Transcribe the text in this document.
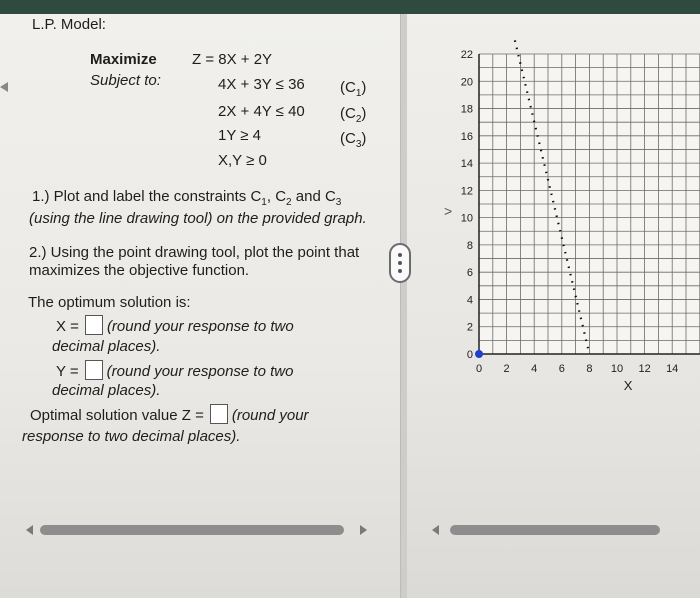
>
L.P. Model:
Maximize
Subject to:
Z = 8X + 2Y
4X + 3Y ≤ 36 $(C_1)$
2X + 4Y ≤ 40 $(C_2)$
1Y ≥ 4	$(C_3)$
X,Y ≥ 0
1.) Plot and label the constraints $C_1$, $C_2$ and $C_3$
(using the line drawing tool) on the provided graph.
2.) Using the point drawing tool, plot the point that
maximizes the objective function.
The optimum solution is:
X = (round your response to two
decimal places).
Y = (round your response to two
decimal places).
Optimal solution value Z = (round your
response to two decimal places).
0
2
4
6
8
10
12
14
16
18
20
22
0 2 4 6 8 10 12 14
X
